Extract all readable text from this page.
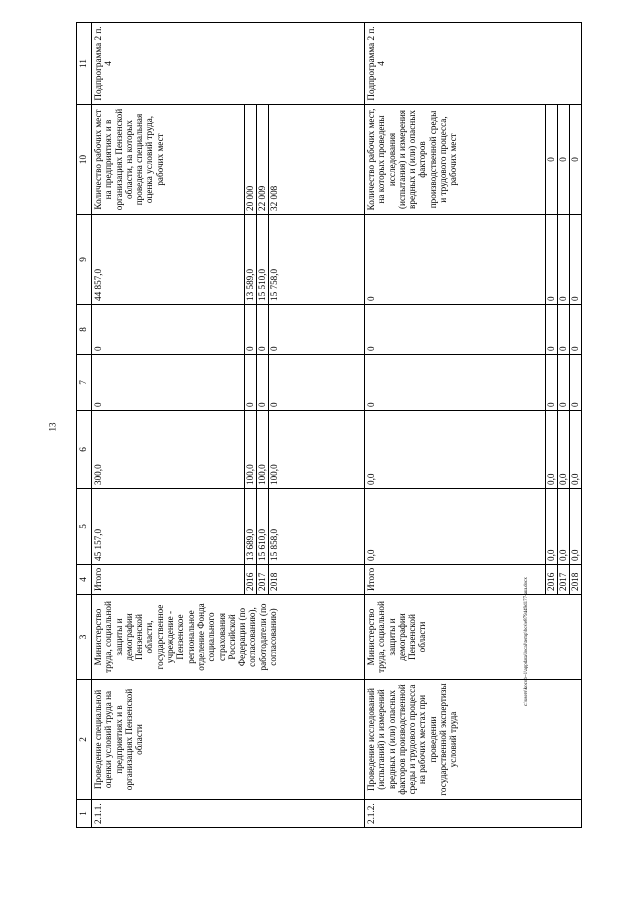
13
c:\users\kocob~1\appdata\local\temp\bcs\e879449d177-аш.docx
1	2	3	4	5	6	7	8	9	10	11
2.1.1.	Проведение специальной оценки условий труда на предприятиях и в организациях Пензенской области	Министерство труда, социальной защиты и демографии Пензенской области, государственное учреждение - Пензенское региональное отделение Фонда социального страхования Российской Федерации (по согласованию), работодатели (по согласованию)	Итого	45 157,0	300,0	0	0	44 857,0	Количество рабочих мест на предприятиях и в организациях Пензенской области, на которых проведена специальная оценка условий труда, рабочих мест	Подпрограмма 2 п. 4
			2016	13 689,0	100,0	0	0	13 589,0	20 000	
			2017	15 610,0	100,0	0	0	15 510,0	22 009	
			2018	15 858,0	100,0	0	0	15 758,0	32 008	
2.1.2.	Проведение исследований (испытаний) и измерений вредных и (или) опасных факторов производственной среды и трудового процесса на рабочих местах при проведении государственной экспертизы условий труда	Министерство труда, социальной защиты и демографии Пензенской области	Итого	0,0	0,0	0	0	0	Количество рабочих мест, на которых проведены исследования (испытания) и измерения вредных и (или) опасных факторов производственной среды и трудового процесса, рабочих мест	Подпрограмма 2 п. 4
			2016	0,0	0,0	0	0	0	0	
			2017	0,0	0,0	0	0	0	0	
			2018	0,0	0,0	0	0	0	0	
